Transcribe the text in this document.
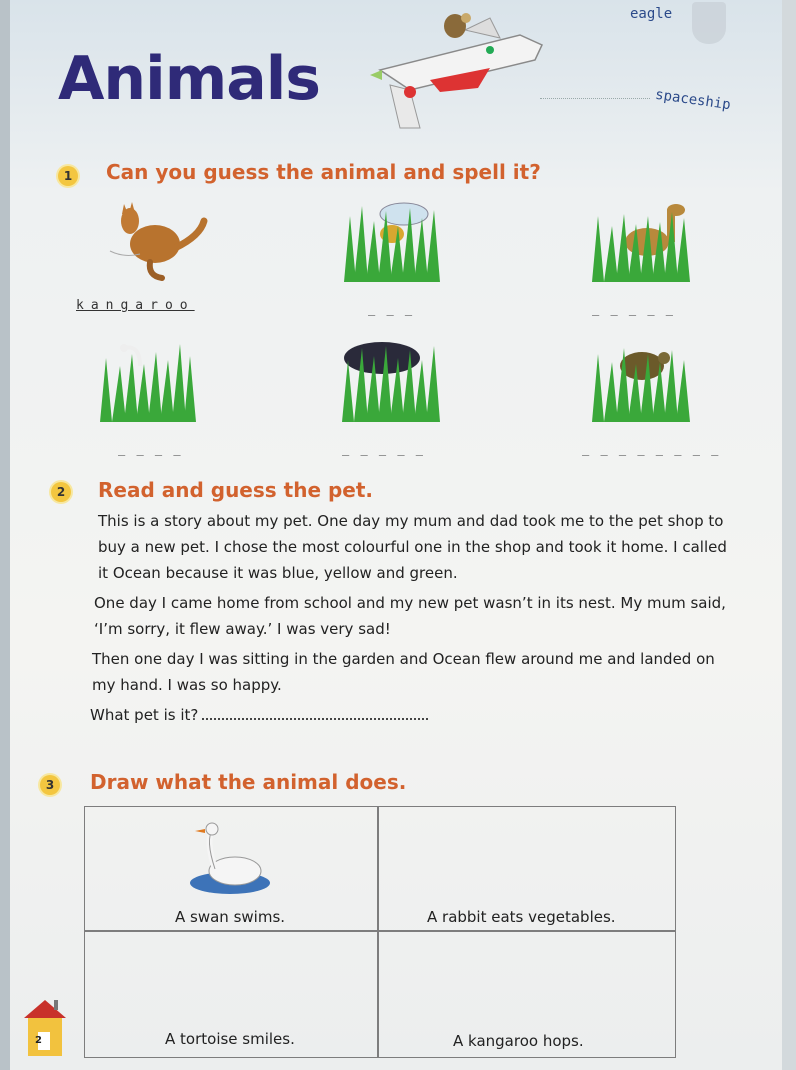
eagle
Animals	spaceship
1 Can you guess the animal and spell it?
kangaroo	_ _ _	_ _ _ _ _
_ _ _ _	_ _ _ _ _	_ _ _ _ _ _ _ _
2 Read and guess the pet.

This is a story about my pet. One day my mum and dad took me to the pet shop to buy a new pet. I chose the most colourful one in the shop and took it home. I called it Ocean because it was blue, yellow and green.

One day I came home from school and my new pet wasn’t in its nest. My mum said, ‘I’m sorry, it flew away.’ I was very sad!

Then one day I was sitting in the garden and Ocean flew around me and landed on my hand. I was so happy.

What pet is it?
3 Draw what the animal does.
A swan swims.	A rabbit eats vegetables.
A tortoise smiles.	A kangaroo hops.
2
